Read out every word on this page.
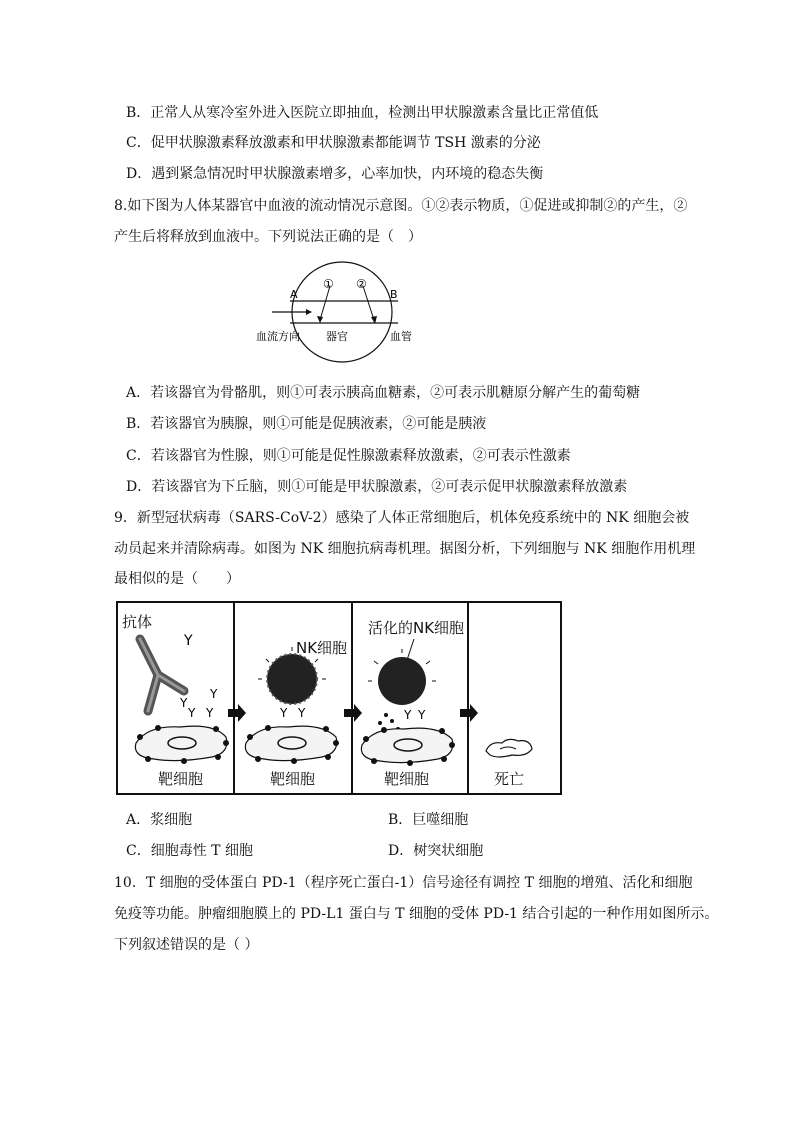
B．正常人从寒冷室外进入医院立即抽血，检测出甲状腺激素含量比正常值低
C．促甲状腺激素释放激素和甲状腺激素都能调节 TSH 激素的分泌
D．遇到紧急情况时甲状腺激素增多，心率加快，内环境的稳态失衡
8.如下图为人体某器官中血液的流动情况示意图。①②表示物质，①促进或抑制②的产生，②
产生后将释放到血液中。下列说法正确的是（　）
A	B
① ②
血流方向 器官	血管
A．若该器官为骨骼肌，则①可表示胰高血糖素，②可表示肌糖原分解产生的葡萄糖
B．若该器官为胰腺，则①可能是促胰液素，②可能是胰液
C．若该器官为性腺，则①可能是促性腺激素释放激素，②可表示性激素
D．若该器官为下丘脑，则①可能是甲状腺激素，②可表示促甲状腺激素释放激素
9．新型冠状病毒（SARS-CoV-2）感染了人体正常细胞后，机体免疫系统中的 NK 细胞会被
动员起来并清除病毒。如图为 NK 细胞抗病毒机理。据图分析，下列细胞与 NK 细胞作用机理
最相似的是（　　）
Y
Y
Y
Y Y	Y Y	Y Y
抗体
NK细胞
活化的NK细胞
靶细胞	靶细胞	靶细胞	死亡
A．浆细胞	B．巨噬细胞
C．细胞毒性 T 细胞	D．树突状细胞
10．T 细胞的受体蛋白 PD-1（程序死亡蛋白-1）信号途径有调控 T 细胞的增殖、活化和细胞
免疫等功能。肿瘤细胞膜上的 PD-L1 蛋白与 T 细胞的受体 PD-1 结合引起的一种作用如图所示。
下列叙述错误的是（ ）
